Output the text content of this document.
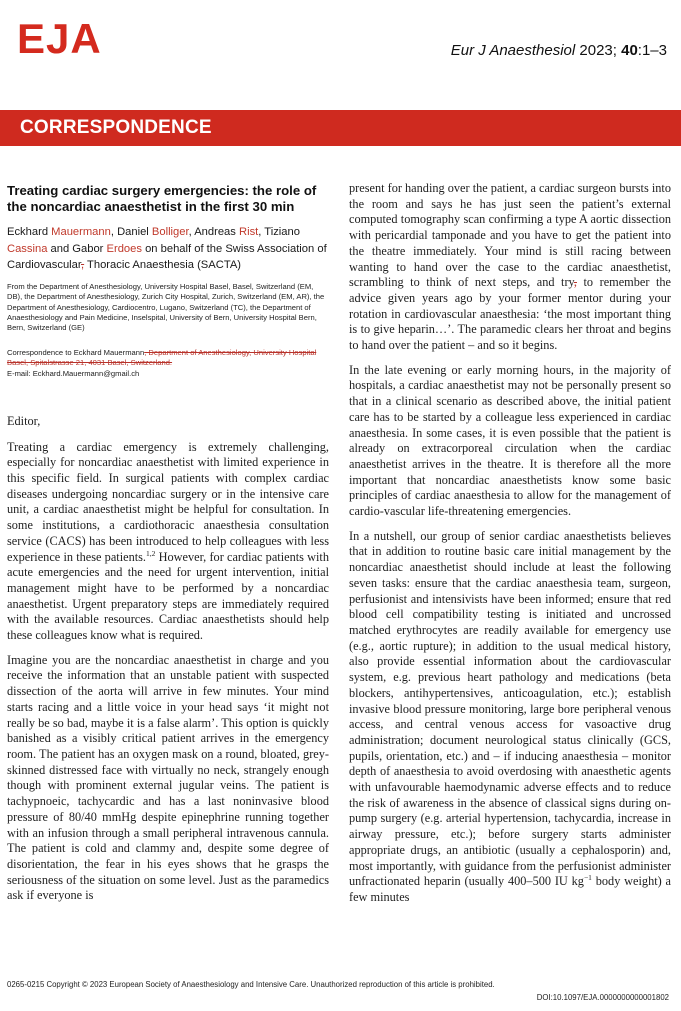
EJA	Eur J Anaesthesiol 2023; 40:1–3
CORRESPONDENCE
Treating cardiac surgery emergencies: the role of the noncardiac anaesthetist in the first 30 min
Eckhard Mauermann, Daniel Bolliger, Andreas Rist, Tiziano Cassina and Gabor Erdoes on behalf of the Swiss Association of Cardiovascular, Thoracic Anaesthesia (SACTA)
From the Department of Anesthesiology, University Hospital Basel, Basel, Switzerland (EM, DB), the Department of Anesthesiology, Zurich City Hospital, Zurich, Switzerland (EM, AR), the Department of Anesthesiology, Cardiocentro, Lugano, Switzerland (TC), the Department of Anaesthesiology and Pain Medicine, Inselspital, University of Bern, University Hospital Bern, Bern, Switzerland (GE)
Correspondence to Eckhard Mauermann, Department of Anesthesiology, University Hospital Basel, Spitalstrasse 21, 4031 Basel, Switzerland.
E-mail: Eckhard.Mauermann@gmail.ch

Editor,

Treating a cardiac emergency is extremely challenging, especially for noncardiac anaesthetist with limited experience in this specific field. In surgical patients with complex cardiac diseases undergoing noncardiac surgery or in the intensive care unit, a cardiac anaesthetist might be helpful for consultation. In some institutions, a cardiothoracic anaesthesia consultation service (CACS) has been introduced to help colleagues with less experience in these patients.$^{1,2}$ However, for cardiac patients with acute emergencies and the need for urgent intervention, initial management might have to be performed by a noncardiac anaesthetist. Urgent preparatory steps are immediately required with the available resources. Cardiac anaesthetists should help these colleagues know what is required.

Imagine you are the noncardiac anaesthetist in charge and you receive the information that an unstable patient with suspected dissection of the aorta will arrive in few minutes. Your mind starts racing and a little voice in your head says ‘it might not really be so bad, maybe it is a false alarm’. This option is quickly banished as a visibly critical patient arrives in the emergency room. The patient has an oxygen mask on a round, bloated, grey-skinned distressed face with virtually no neck, strangely enough though with prominent external jugular veins. The patient is tachypnoeic, tachycardic and has a last noninvasive blood pressure of 80/40 mmHg despite epinephrine running together with an infusion through a small peripheral intravenous cannula. The patient is cold and clammy and, despite some degree of disorientation, the fear in his eyes shows that he grasps the seriousness of the situation on some level. Just as the paramedics ask if everyone is

present for handing over the patient, a cardiac surgeon bursts into the room and says he has just seen the patient’s external computed tomography scan confirming a type A aortic dissection with pericardial tamponade and you have to get the patient into the theatre immediately. Your mind is still racing between wanting to hand over the case to the cardiac anaesthetist, scrambling to think of next steps, and try, to remember the advice given years ago by your former mentor during your rotation in cardiovascular anaesthesia: ‘the most important thing is to give heparin…’. The paramedic clears her throat and begins to hand over the patient – and so it begins.

In the late evening or early morning hours, in the majority of hospitals, a cardiac anaesthetist may not be personally present so that in a clinical scenario as described above, the initial patient care has to be started by a colleague less experienced in cardiac anaesthesia. In some cases, it is even possible that the patient is already on extracorporeal circulation when the cardiac anaesthetist arrives in the theatre. It is therefore all the more important that noncardiac anaesthetists know some basic principles of cardiac anaesthesia to allow for the management of cardio-vascular life-threatening emergencies.

In a nutshell, our group of senior cardiac anaesthetists believes that in addition to routine basic care initial management by the noncardiac anaesthetist should include at least the following seven tasks: ensure that the cardiac anaesthesia team, surgeon, perfusionist and intensivists have been informed; ensure that red blood cell compatibility testing is initiated and uncrossed matched erythrocytes are readily available for emergency use (e.g., aortic rupture); in addition to the usual medical history, also provide essential information about the cardiovascular system, e.g. previous heart pathology and medications (beta blockers, antihypertensives, anticoagulation, etc.); establish invasive blood pressure monitoring, large bore peripheral venous access, and central venous access for vasoactive drug administration; document neurological status clinically (GCS, pupils, orientation, etc.) and – if inducing anaesthesia – monitor depth of anaesthesia to avoid overdosing with anaesthetic agents with unfavourable haemodynamic adverse effects and to reduce the risk of awareness in the absence of classical signs during on-pump surgery (e.g. arterial hypertension, tachycardia, increase in airway pressure, etc.); before surgery starts administer appropriate drugs, an antibiotic (usually a cephalosporin) and, most importantly, with guidance from the perfusionist administer unfractionated heparin (usually 400–500 IU $kg^{-1}$ body weight) a few minutes

0265-0215 Copyright © 2023 European Society of Anaesthesiology and Intensive Care. Unauthorized reproduction of this article is prohibited.
DOI:10.1097/EJA.0000000000001802
